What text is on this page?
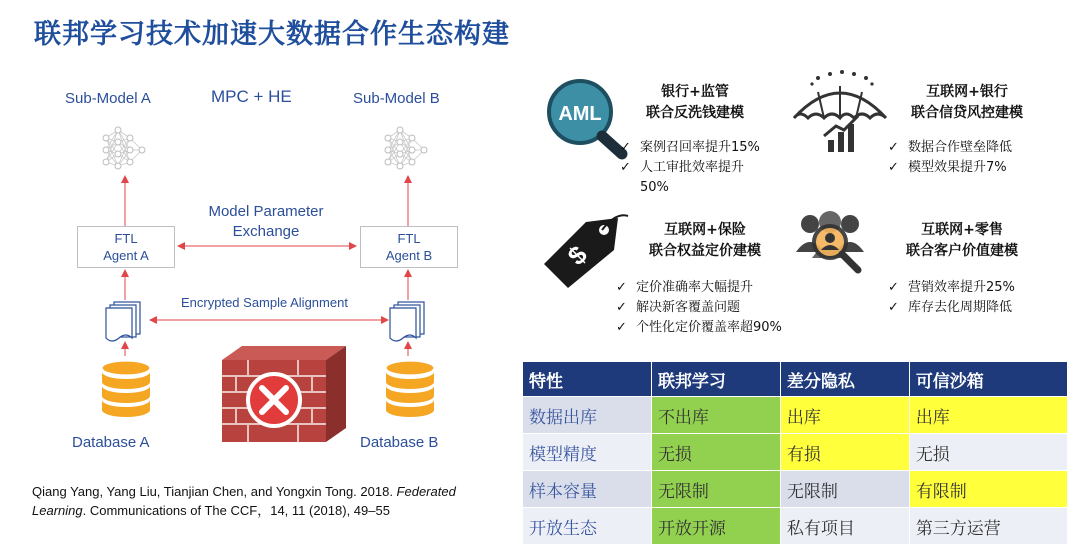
联邦学习技术加速大数据合作生态构建
Sub-Model A	Sub-Model B
MPC + HE
Model Parameter
Exchange
FTL
Agent A
FTL
Agent B
Encrypted Sample Alignment
Database A	Database B
Qiang Yang, Yang Liu, Tianjian Chen, and Yongxin Tong. 2018. Federated
Learning. Communications of The CCF，14, 11 (2018), 49–55
AML
银行+监管
联合反洗钱建模
✓ 案例召回率提升15%
✓ 人工审批效率提升
50%
互联网+银行
联合信贷风控建模
✓ 数据合作壁垒降低
✓ 模型效果提升7%
$
互联网+保险
联合权益定价建模
✓ 定价准确率大幅提升
✓ 解决新客覆盖问题
✓ 个性化定价覆盖率超90%
互联网+零售
联合客户价值建模
✓ 营销效率提升25%
✓ 库存去化周期降低
特性	联邦学习	差分隐私	可信沙箱
数据出库	不出库	出库	出库
模型精度	无损	有损	无损
样本容量	无限制	无限制	有限制
开放生态	开放开源	私有项目	第三方运营
